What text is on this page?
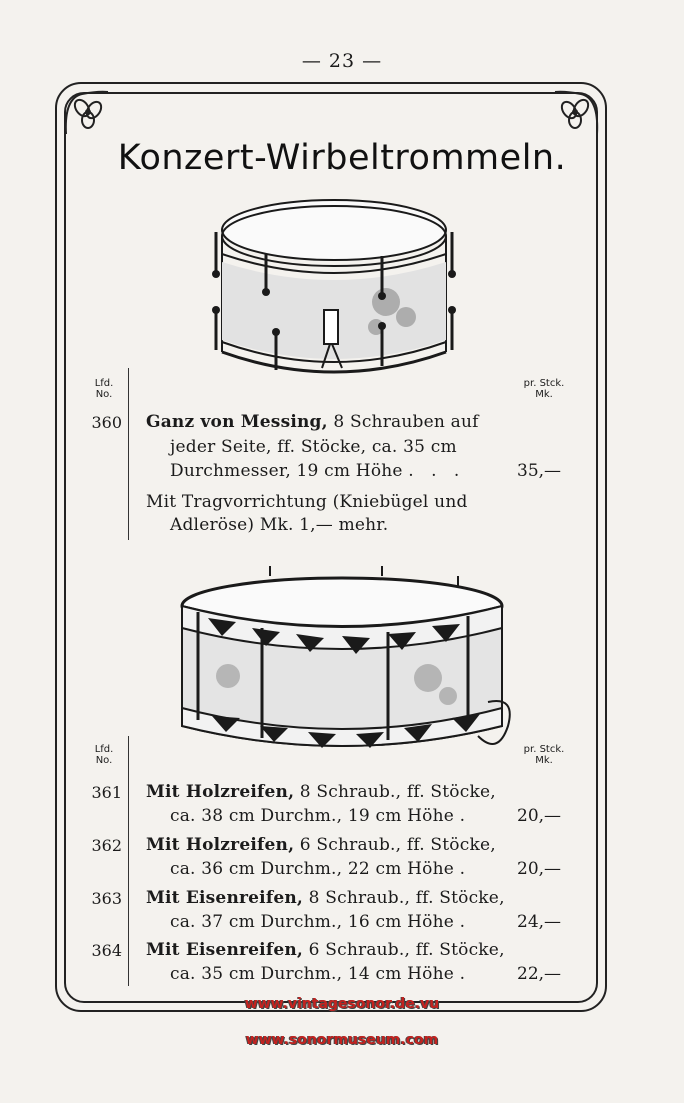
— 23 —
Konzert-Wirbeltrommeln.
Lfd.
No.
pr. Stck.
Mk.
360 Ganz von Messing, 8 Schrauben auf
jeder Seite, ff. Stöcke, ca. 35 cm
Durchmesser, 19 cm Höhe . . .	35,—
Mit Tragvorrichtung (Kniebügel und
Adleröse) Mk. 1,— mehr.
Lfd.
No.
pr. Stck.
Mk.
361 Mit Holzreifen, 8 Schraub., ff. Stöcke,
ca. 38 cm Durchm., 19 cm Höhe .	20,—
362 Mit Holzreifen, 6 Schraub., ff. Stöcke,
ca. 36 cm Durchm., 22 cm Höhe .	20,—
363 Mit Eisenreifen, 8 Schraub., ff. Stöcke,
ca. 37 cm Durchm., 16 cm Höhe .	24,—
364 Mit Eisenreifen, 6 Schraub., ff. Stöcke,
ca. 35 cm Durchm., 14 cm Höhe .	22,—
www.vintagesonor.de.vu
www.sonormuseum.com
